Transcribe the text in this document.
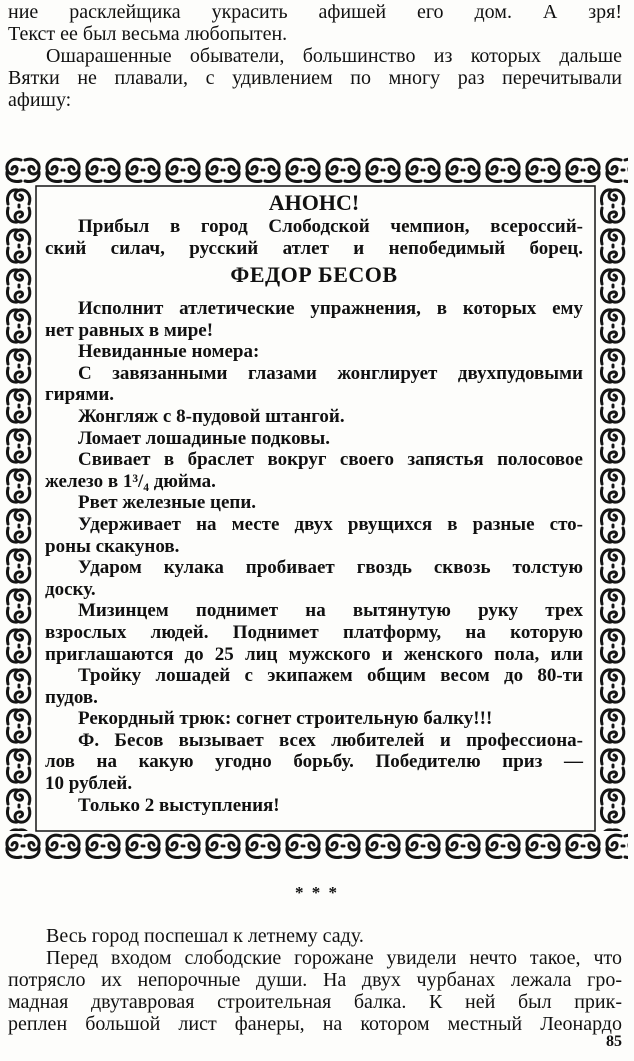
ние расклейщика украсить афишей его дом. А зря!
Текст ее был весьма любопытен.
Ошарашенные обыватели, большинство из которых дальше
Вятки не плавали, с удивлением по многу раз перечитывали
афишу:
АНОНС!
Прибыл в город Слободской чемпион, всероссий-
ский силач, русский атлет и непобедимый борец.
ФЕДОР БЕСОВ
Исполнит атлетические упражнения, в которых ему
нет равных в мире!
Невиданные номера:
С завязанными глазами жонглирует двухпудовыми
гирями.
Жонгляж с 8-пудовой штангой.
Ломает лошадиные подковы.
Свивает в браслет вокруг своего запястья полосовое
железо в 1³/₄ дюйма.
Рвет железные цепи.
Удерживает на месте двух рвущихся в разные сто-
роны скакунов.
Ударом кулака пробивает гвоздь сквозь толстую
доску.
Мизинцем поднимет на вытянутую руку трех
взрослых людей. Поднимет платформу, на которую
приглашаются до 25 лиц мужского и женского пола, или
Тройку лошадей с экипажем общим весом до 80-ти
пудов.
Рекордный трюк: согнет строительную балку!!!
Ф. Бесов вызывает всех любителей и профессиона-
лов на какую угодно борьбу. Победителю приз —
10 рублей.
Только 2 выступления!
* * *
Весь город поспешал к летнему саду.
Перед входом слободские горожане увидели нечто такое, что
потрясло их непорочные души. На двух чурбанах лежала гро-
мадная двутавровая строительная балка. К ней был прик-
реплен большой лист фанеры, на котором местный Леонардо
85
